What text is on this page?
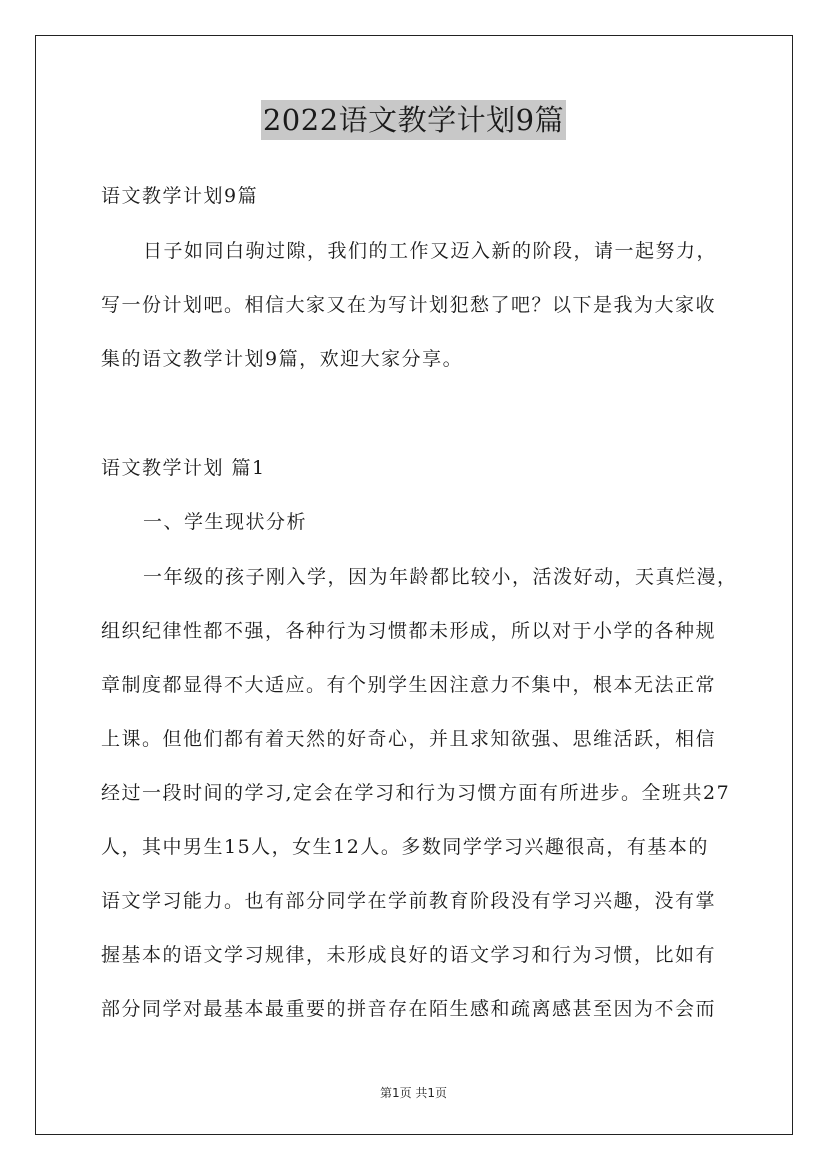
2022语文教学计划9篇
语文教学计划9篇
日子如同白驹过隙，我们的工作又迈入新的阶段，请一起努力，
写一份计划吧。相信大家又在为写计划犯愁了吧？以下是我为大家收
集的语文教学计划9篇，欢迎大家分享。
语文教学计划 篇1
一、学生现状分析
一年级的孩子刚入学，因为年龄都比较小，活泼好动，天真烂漫，
组织纪律性都不强，各种行为习惯都未形成，所以对于小学的各种规
章制度都显得不大适应。有个别学生因注意力不集中，根本无法正常
上课。但他们都有着天然的好奇心，并且求知欲强、思维活跃，相信
经过一段时间的学习,定会在学习和行为习惯方面有所进步。全班共27
人，其中男生15人，女生12人。多数同学学习兴趣很高，有基本的
语文学习能力。也有部分同学在学前教育阶段没有学习兴趣，没有掌
握基本的语文学习规律，未形成良好的语文学习和行为习惯，比如有
部分同学对最基本最重要的拼音存在陌生感和疏离感甚至因为不会而
第1页 共1页
